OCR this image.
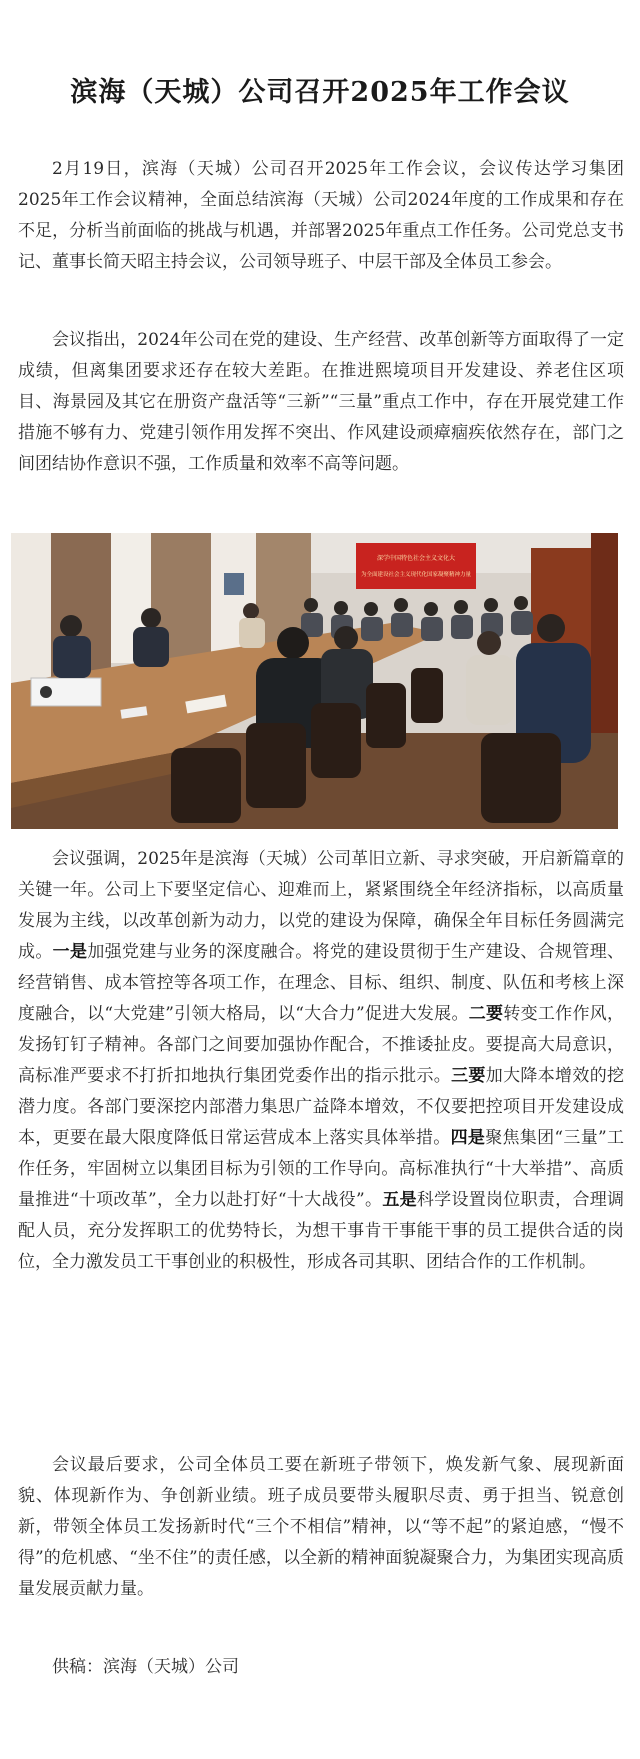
滨海（天城）公司召开2025年工作会议

2月19日，滨海（天城）公司召开2025年工作会议，会议传达学习集团2025年工作会议精神，全面总结滨海（天城）公司2024年度的工作成果和存在不足，分析当前面临的挑战与机遇，并部署2025年重点工作任务。公司党总支书记、董事长简天昭主持会议，公司领导班子、中层干部及全体员工参会。

会议指出，2024年公司在党的建设、生产经营、改革创新等方面取得了一定成绩，但离集团要求还存在较大差距。在推进熙境项目开发建设、养老住区项目、海景园及其它在册资产盘活等“三新”“三量”重点工作中，存在开展党建工作措施不够有力、党建引领作用发挥不突出、作风建设顽瘴痼疾依然存在，部门之间团结协作意识不强，工作质量和效率不高等问题。

深学中国特色社会主义文化大
为全面建设社会主义现代化国家凝聚精神力量

会议强调，2025年是滨海（天城）公司革旧立新、寻求突破，开启新篇章的关键一年。公司上下要坚定信心、迎难而上，紧紧围绕全年经济指标，以高质量发展为主线，以改革创新为动力，以党的建设为保障，确保全年目标任务圆满完成。一是加强党建与业务的深度融合。将党的建设贯彻于生产建设、合规管理、经营销售、成本管控等各项工作，在理念、目标、组织、制度、队伍和考核上深度融合，以“大党建”引领大格局，以“大合力”促进大发展。二要转变工作作风，发扬钉钉子精神。各部门之间要加强协作配合，不推诿扯皮。要提高大局意识，高标准严要求不打折扣地执行集团党委作出的指示批示。三要加大降本增效的挖潜力度。各部门要深挖内部潜力集思广益降本增效，不仅要把控项目开发建设成本，更要在最大限度降低日常运营成本上落实具体举措。四是聚焦集团“三量”工作任务，牢固树立以集团目标为引领的工作导向。高标准执行“十大举措”、高质量推进“十项改革”，全力以赴打好“十大战役”。五是科学设置岗位职责，合理调配人员，充分发挥职工的优势特长，为想干事肯干事能干事的员工提供合适的岗位，全力激发员工干事创业的积极性，形成各司其职、团结合作的工作机制。

会议最后要求，公司全体员工要在新班子带领下，焕发新气象、展现新面貌、体现新作为、争创新业绩。班子成员要带头履职尽责、勇于担当、锐意创新，带领全体员工发扬新时代“三个不相信”精神，以“等不起”的紧迫感，“慢不得”的危机感、“坐不住”的责任感，以全新的精神面貌凝聚合力，为集团实现高质量发展贡献力量。

供稿：滨海（天城）公司
